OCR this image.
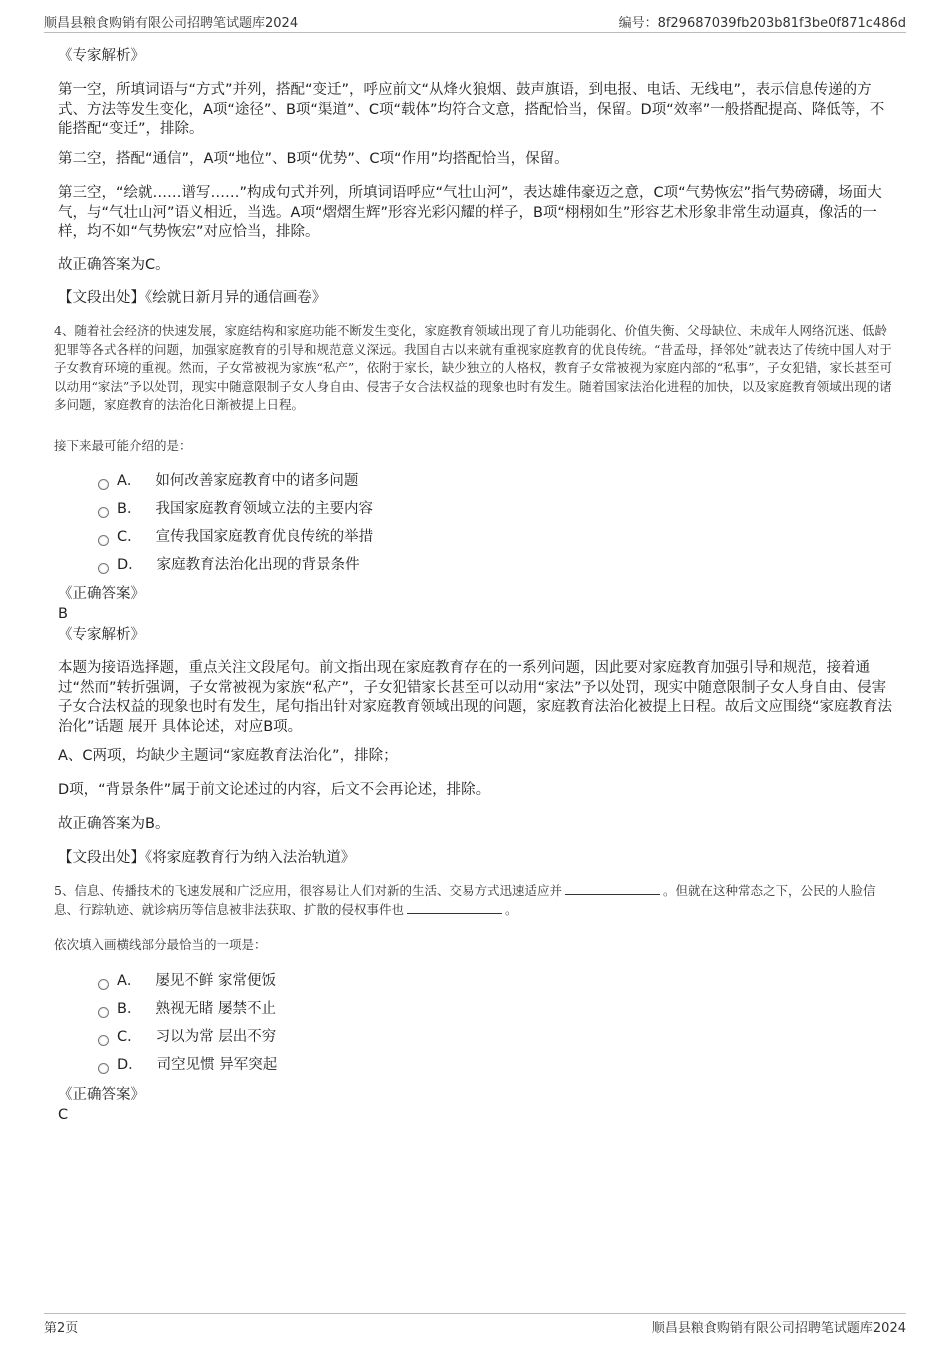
顺昌县粮食购销有限公司招聘笔试题库2024	编号：8f29687039fb203b81f3be0f871c486d
《专家解析》
第一空，所填词语与“方式”并列，搭配“变迁”，呼应前文“从烽火狼烟、鼓声旗语，到电报、电话、无线电”，表示信息传递的方式、方法等发生变化，A项“途径”、B项“渠道”、C项“载体”均符合文意，搭配恰当，保留。D项“效率”一般搭配提高、降低等，不能搭配“变迁”，排除。
第二空，搭配“通信”，A项“地位”、B项“优势”、C项“作用”均搭配恰当，保留。
第三空，“绘就……谱写……”构成句式并列，所填词语呼应“气壮山河”，表达雄伟豪迈之意，C项“气势恢宏”指气势磅礴，场面大气，与“气壮山河”语义相近，当选。A项“熠熠生辉”形容光彩闪耀的样子，B项“栩栩如生”形容艺术形象非常生动逼真，像活的一样，均不如“气势恢宏”对应恰当，排除。
故正确答案为C。
【文段出处】《绘就日新月异的通信画卷》
4、随着社会经济的快速发展，家庭结构和家庭功能不断发生变化，家庭教育领域出现了育儿功能弱化、价值失衡、父母缺位、未成年人网络沉迷、低龄犯罪等各式各样的问题，加强家庭教育的引导和规范意义深远。我国自古以来就有重视家庭教育的优良传统。“昔孟母，择邻处”就表达了传统中国人对于子女教育环境的重视。然而，子女常被视为家族“私产”，依附于家长，缺少独立的人格权，教育子女常被视为家庭内部的“私事”，子女犯错，家长甚至可以动用“家法”予以处罚，现实中随意限制子女人身自由、侵害子女合法权益的现象也时有发生。随着国家法治化进程的加快，以及家庭教育领域出现的诸多问题，家庭教育的法治化日渐被提上日程。
接下来最可能介绍的是：
A． 如何改善家庭教育中的诸多问题
B． 我国家庭教育领域立法的主要内容
C． 宣传我国家庭教育优良传统的举措
D． 家庭教育法治化出现的背景条件
《正确答案》
B
《专家解析》
本题为接语选择题，重点关注文段尾句。前文指出现在家庭教育存在的一系列问题，因此要对家庭教育加强引导和规范，接着通过“然而”转折强调，子女常被视为家族“私产”，子女犯错家长甚至可以动用“家法”予以处罚，现实中随意限制子女人身自由、侵害子女合法权益的现象也时有发生，尾句指出针对家庭教育领域出现的问题，家庭教育法治化被提上日程。故后文应围绕“家庭教育法治化”话题 展开 具体论述，对应B项。
A、C两项，均缺少主题词“家庭教育法治化”，排除；
D项，“背景条件”属于前文论述过的内容，后文不会再论述，排除。
故正确答案为B。
【文段出处】《将家庭教育行为纳入法治轨道》
5、信息、传播技术的飞速发展和广泛应用，很容易让人们对新的生活、交易方式迅速适应并	。但就在这种常态之下，公民的人脸信息、行踪轨迹、就诊病历等信息被非法获取、扩散的侵权事件也	。
依次填入画横线部分最恰当的一项是：
A． 屡见不鲜 家常便饭
B． 熟视无睹 屡禁不止
C． 习以为常 层出不穷
D． 司空见惯 异军突起
《正确答案》
C
第2页	顺昌县粮食购销有限公司招聘笔试题库2024
